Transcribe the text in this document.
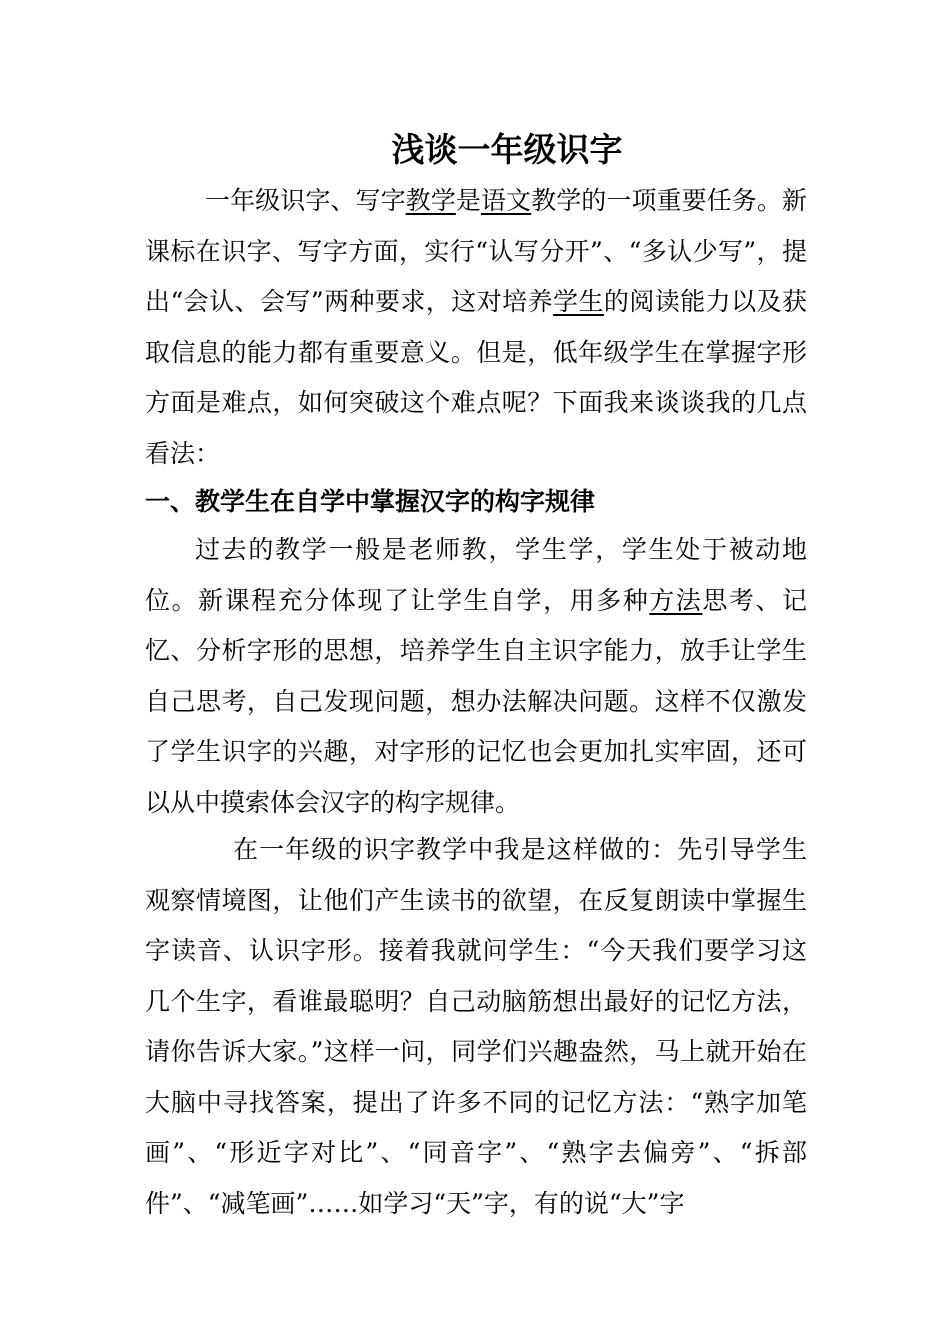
浅谈一年级识字

一年级识字、写字教学是语文教学的一项重要任务。新课标在识字、写字方面，实行“认写分开”、“多认少写”，提出“会认、会写”两种要求，这对培养学生的阅读能力以及获取信息的能力都有重要意义。但是，低年级学生在掌握字形方面是难点，如何突破这个难点呢？下面我来谈谈我的几点看法：

一、教学生在自学中掌握汉字的构字规律

过去的教学一般是老师教，学生学，学生处于被动地位。新课程充分体现了让学生自学，用多种方法思考、记忆、分析字形的思想，培养学生自主识字能力，放手让学生自己思考，自己发现问题，想办法解决问题。这样不仅激发了学生识字的兴趣，对字形的记忆也会更加扎实牢固，还可以从中摸索体会汉字的构字规律。

在一年级的识字教学中我是这样做的：先引导学生观察情境图，让他们产生读书的欲望，在反复朗读中掌握生字读音、认识字形。接着我就问学生：“今天我们要学习这几个生字，看谁最聪明？自己动脑筋想出最好的记忆方法，请你告诉大家。”这样一问，同学们兴趣盎然，马上就开始在大脑中寻找答案，提出了许多不同的记忆方法：“熟字加笔画”、“形近字对比”、“同音字”、“熟字去偏旁”、“拆部件”、“减笔画”……如学习“天”字，有的说“大”字
